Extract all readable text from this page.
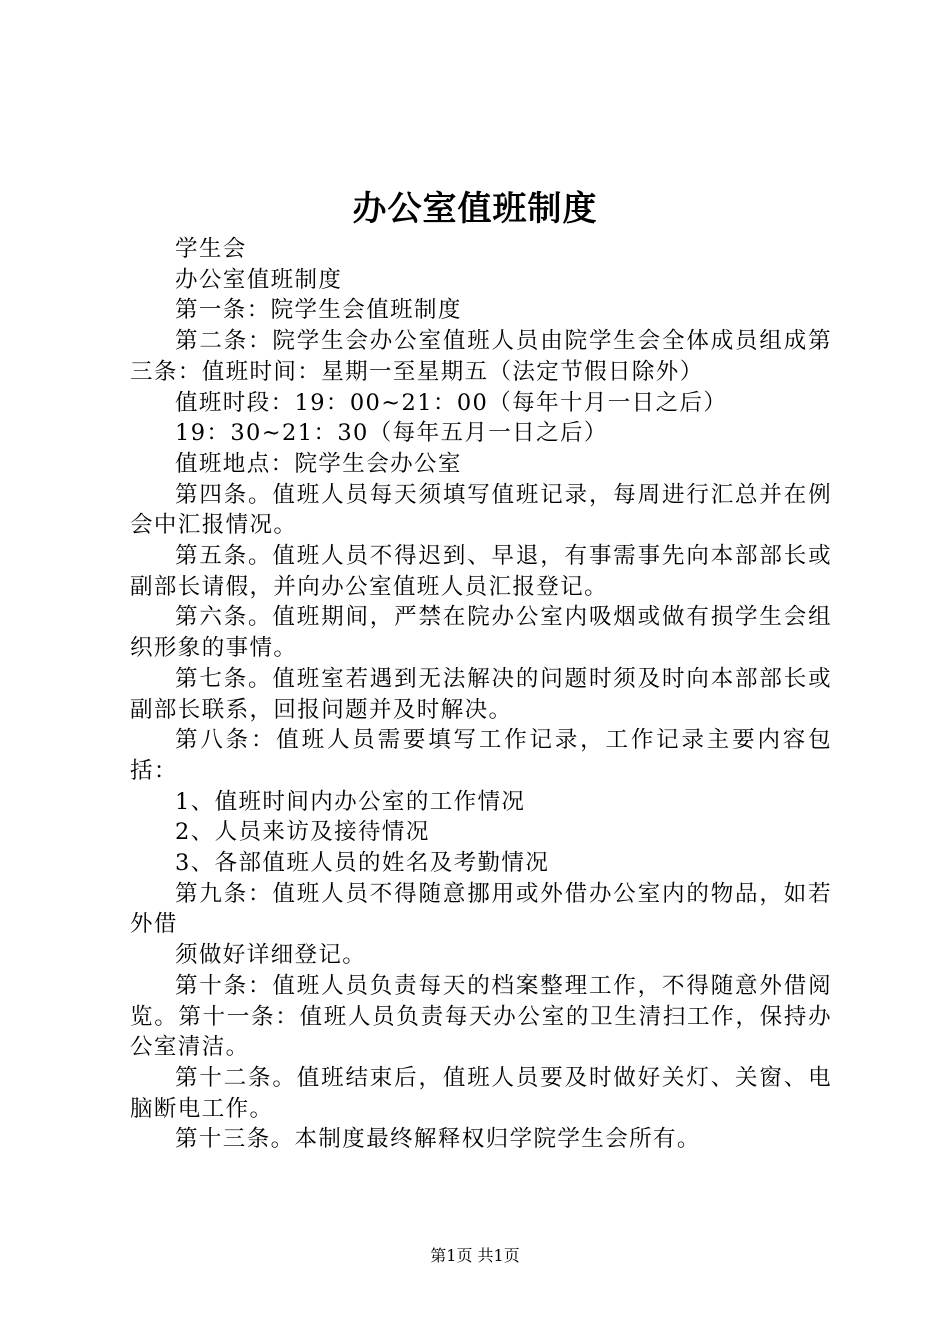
办公室值班制度

学生会

办公室值班制度

第一条：院学生会值班制度

第二条：院学生会办公室值班人员由院学生会全体成员组成第三条：值班时间：星期一至星期五（法定节假日除外）

值班时段：19：00~21：00（每年十月一日之后）

19：30~21：30（每年五月一日之后）

值班地点：院学生会办公室

第四条。值班人员每天须填写值班记录，每周进行汇总并在例会中汇报情况。

第五条。值班人员不得迟到、早退，有事需事先向本部部长或副部长请假，并向办公室值班人员汇报登记。

第六条。值班期间，严禁在院办公室内吸烟或做有损学生会组织形象的事情。

第七条。值班室若遇到无法解决的问题时须及时向本部部长或副部长联系，回报问题并及时解决。

第八条：值班人员需要填写工作记录，工作记录主要内容包括：

1、值班时间内办公室的工作情况

2、人员来访及接待情况

3、各部值班人员的姓名及考勤情况

第九条：值班人员不得随意挪用或外借办公室内的物品，如若外借

须做好详细登记。

第十条：值班人员负责每天的档案整理工作，不得随意外借阅览。第十一条：值班人员负责每天办公室的卫生清扫工作，保持办公室清洁。

第十二条。值班结束后，值班人员要及时做好关灯、关窗、电脑断电工作。

第十三条。本制度最终解释权归学院学生会所有。

第1页 共1页
